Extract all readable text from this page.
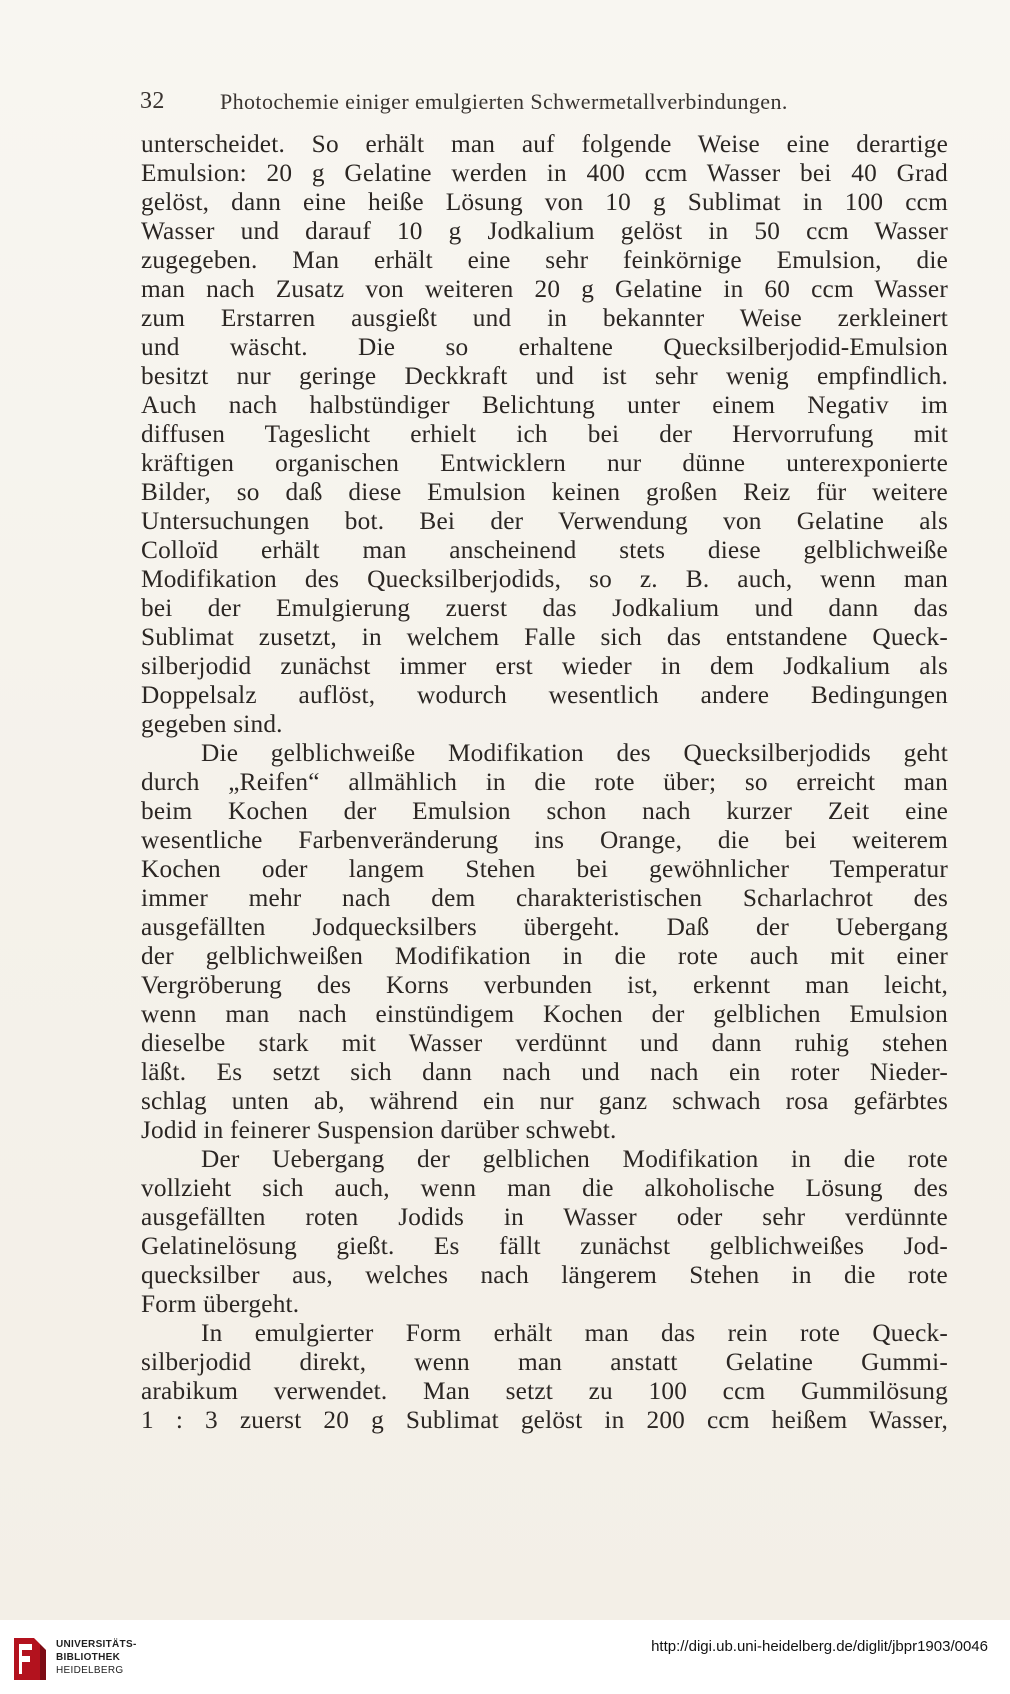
32	Photochemie einiger emulgierten Schwermetallverbindungen.
unterscheidet. So erhält man auf folgende Weise eine derartige
Emulsion: 20 g Gelatine werden in 400 ccm Wasser bei 40 Grad
gelöst, dann eine heiße Lösung von 10 g Sublimat in 100 ccm
Wasser und darauf 10 g Jodkalium gelöst in 50 ccm Wasser
zugegeben. Man erhält eine sehr feinkörnige Emulsion, die
man nach Zusatz von weiteren 20 g Gelatine in 60 ccm Wasser
zum Erstarren ausgießt und in bekannter Weise zerkleinert
und wäscht. Die so erhaltene Quecksilberjodid-Emulsion
besitzt nur geringe Deckkraft und ist sehr wenig empfindlich.
Auch nach halbstündiger Belichtung unter einem Negativ im
diffusen Tageslicht erhielt ich bei der Hervorrufung mit
kräftigen organischen Entwicklern nur dünne unterexponierte
Bilder, so daß diese Emulsion keinen großen Reiz für weitere
Untersuchungen bot. Bei der Verwendung von Gelatine als
Colloïd erhält man anscheinend stets diese gelblichweiße
Modifikation des Quecksilberjodids, so z. B. auch, wenn man
bei der Emulgierung zuerst das Jodkalium und dann das
Sublimat zusetzt, in welchem Falle sich das entstandene Queck-
silberjodid zunächst immer erst wieder in dem Jodkalium als
Doppelsalz auflöst, wodurch wesentlich andere Bedingungen
gegeben sind.
Die gelblichweiße Modifikation des Quecksilberjodids geht
durch „Reifen“ allmählich in die rote über; so erreicht man
beim Kochen der Emulsion schon nach kurzer Zeit eine
wesentliche Farbenveränderung ins Orange, die bei weiterem
Kochen oder langem Stehen bei gewöhnlicher Temperatur
immer mehr nach dem charakteristischen Scharlachrot des
ausgefällten Jodquecksilbers übergeht. Daß der Uebergang
der gelblichweißen Modifikation in die rote auch mit einer
Vergröberung des Korns verbunden ist, erkennt man leicht,
wenn man nach einstündigem Kochen der gelblichen Emulsion
dieselbe stark mit Wasser verdünnt und dann ruhig stehen
läßt. Es setzt sich dann nach und nach ein roter Nieder-
schlag unten ab, während ein nur ganz schwach rosa gefärbtes
Jodid in feinerer Suspension darüber schwebt.
Der Uebergang der gelblichen Modifikation in die rote
vollzieht sich auch, wenn man die alkoholische Lösung des
ausgefällten roten Jodids in Wasser oder sehr verdünnte
Gelatinelösung gießt. Es fällt zunächst gelblichweißes Jod-
quecksilber aus, welches nach längerem Stehen in die rote
Form übergeht.
In emulgierter Form erhält man das rein rote Queck-
silberjodid direkt, wenn man anstatt Gelatine Gummi-
arabikum verwendet. Man setzt zu 100 ccm Gummilösung
1 : 3 zuerst 20 g Sublimat gelöst in 200 ccm heißem Wasser,
UNIVERSITÄTS-
BIBLIOTHEK
HEIDELBERG
http://digi.ub.uni-heidelberg.de/diglit/jbpr1903/0046
